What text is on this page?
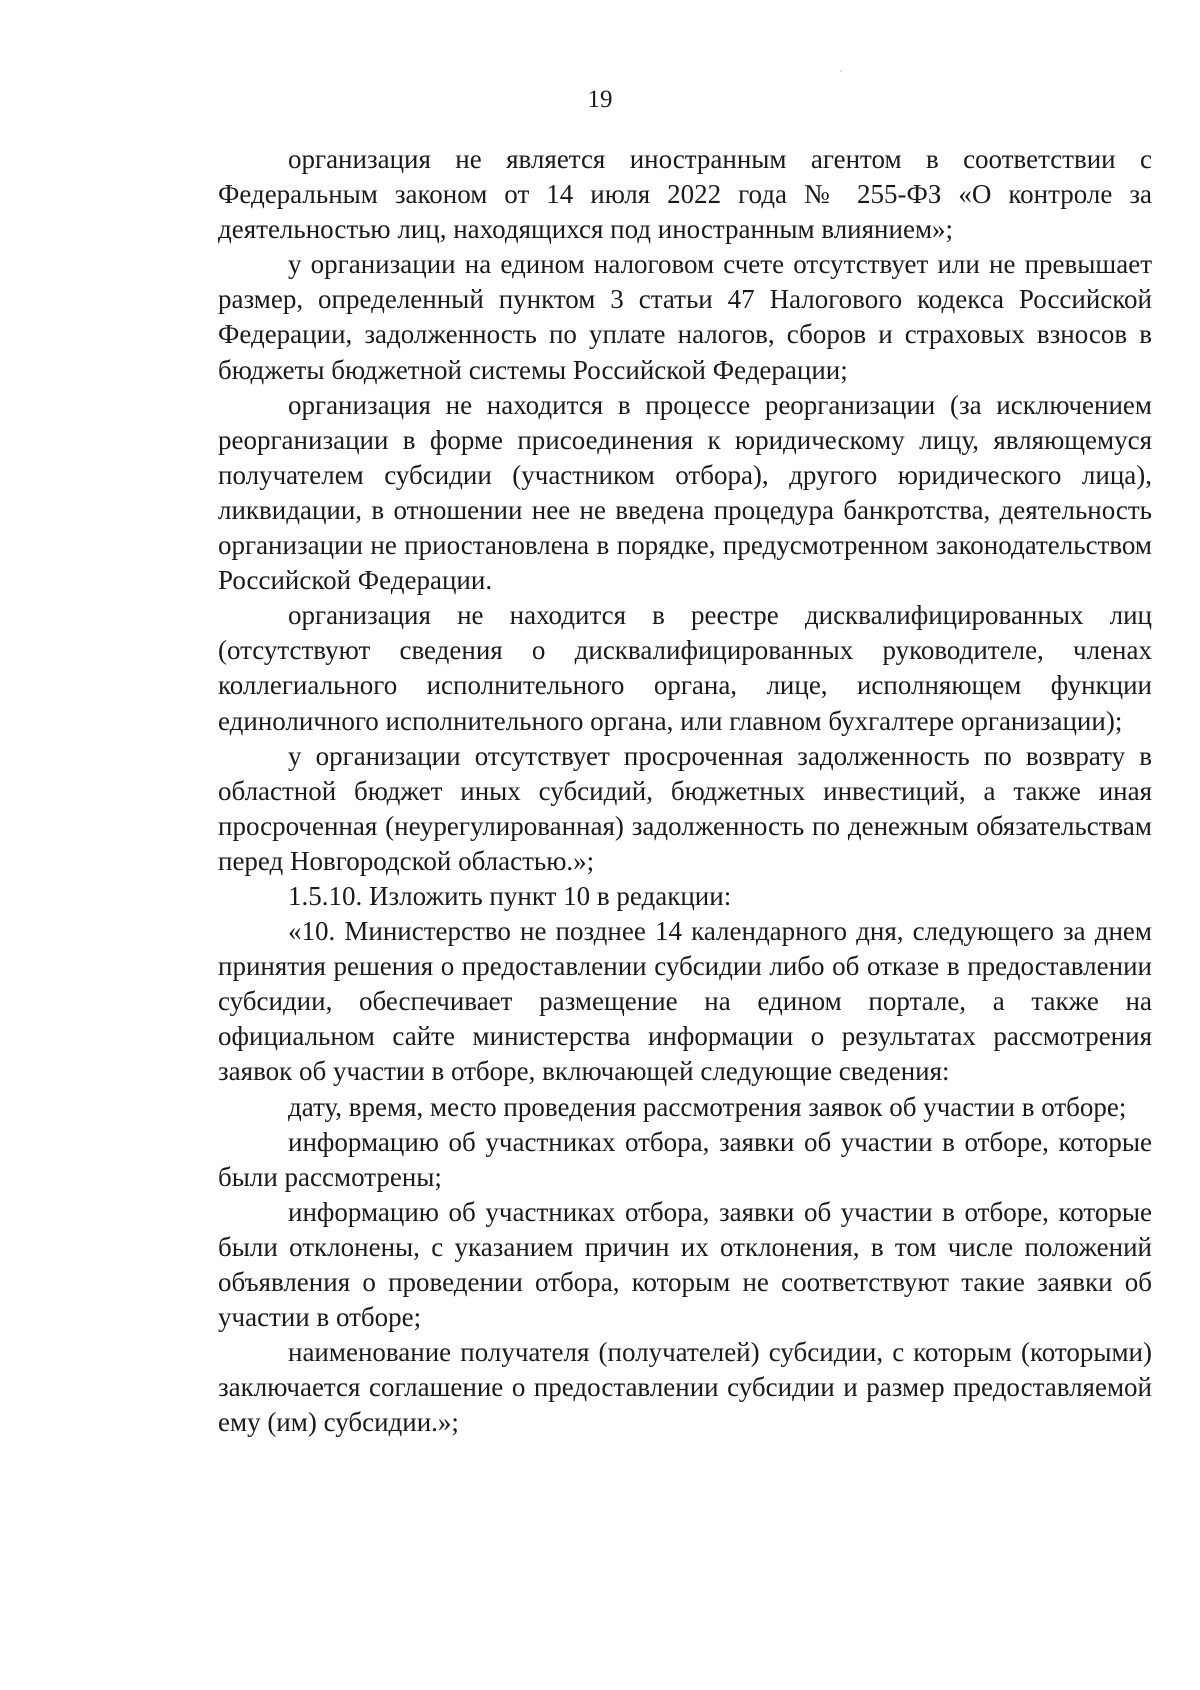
19

организация не является иностранным агентом в соответствии с Федеральным законом от 14 июля 2022 года № 255-ФЗ «О контроле за деятельностью лиц, находящихся под иностранным влиянием»;

у организации на едином налоговом счете отсутствует или не превышает размер, определенный пунктом 3 статьи 47 Налогового кодекса Российской Федерации, задолженность по уплате налогов, сборов и страховых взносов в бюджеты бюджетной системы Российской Федерации;

организация не находится в процессе реорганизации (за исключением реорганизации в форме присоединения к юридическому лицу, являющемуся получателем субсидии (участником отбора), другого юридического лица), ликвидации, в отношении нее не введена процедура банкротства, деятельность организации не приостановлена в порядке, предусмотренном законодательством Российской Федерации.

организация не находится в реестре дисквалифицированных лиц (отсутствуют сведения о дисквалифицированных руководителе, членах коллегиального исполнительного органа, лице, исполняющем функции единоличного исполнительного органа, или главном бухгалтере организации);

у организации отсутствует просроченная задолженность по возврату в областной бюджет иных субсидий, бюджетных инвестиций, а также иная просроченная (неурегулированная) задолженность по денежным обязательствам перед Новгородской областью.»;

1.5.10. Изложить пункт 10 в редакции:

«10. Министерство не позднее 14 календарного дня, следующего за днем принятия решения о предоставлении субсидии либо об отказе в предоставлении субсидии, обеспечивает размещение на едином портале, а также на официальном сайте министерства информации о результатах рассмотрения заявок об участии в отборе, включающей следующие сведения:

дату, время, место проведения рассмотрения заявок об участии в отборе;

информацию об участниках отбора, заявки об участии в отборе, которые были рассмотрены;

информацию об участниках отбора, заявки об участии в отборе, которые были отклонены, с указанием причин их отклонения, в том числе положений объявления о проведении отбора, которым не соответствуют такие заявки об участии в отборе;

наименование получателя (получателей) субсидии, с которым (которыми) заключается соглашение о предоставлении субсидии и размер предоставляемой ему (им) субсидии.»;
